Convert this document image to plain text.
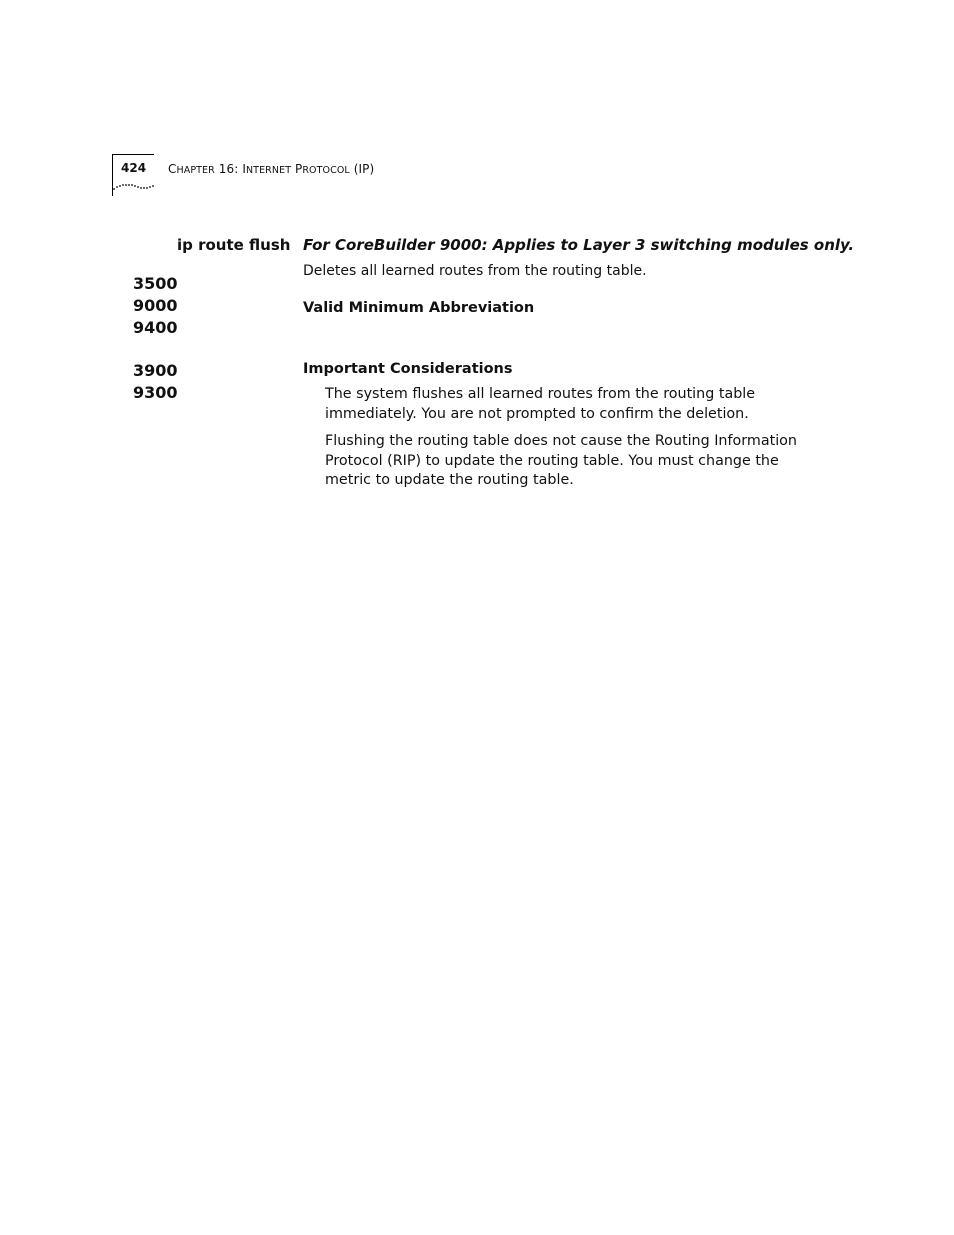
424 CHAPTER 16: INTERNET PROTOCOL (IP)
ip route flush
3500
9000
9400
3900
9300
For CoreBuilder 9000: Applies to Layer 3 switching modules only.
Deletes all learned routes from the routing table.
Valid Minimum Abbreviation
Important Considerations
The system flushes all learned routes from the routing table immediately. You are not prompted to confirm the deletion.
Flushing the routing table does not cause the Routing Information Protocol (RIP) to update the routing table. You must change the metric to update the routing table.
